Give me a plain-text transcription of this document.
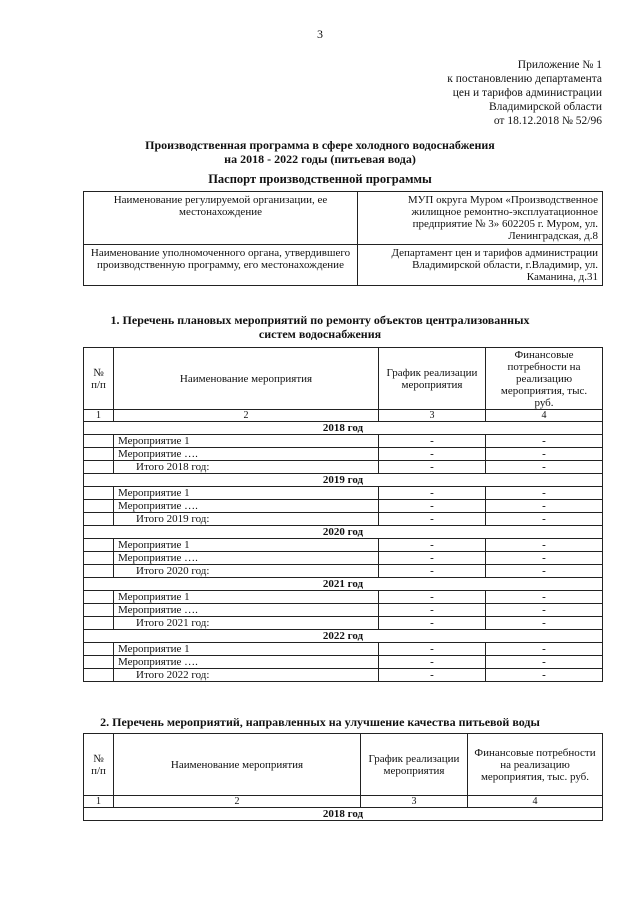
3
Приложение № 1
к постановлению департамента
цен и тарифов администрации
Владимирской области
от 18.12.2018 № 52/96
Производственная программа в сфере холодного водоснабжения
на 2018 - 2022 годы (питьевая вода)
Паспорт производственной программы
Наименование регулируемой организации, ее местонахождение	МУП округа Муром «Производственное жилищное ремонтно-эксплуатационное предприятие № 3» 602205 г. Муром, ул. Ленинградская, д.8
Наименование уполномоченного органа, утвердившего производственную программу, его местонахождение	Департамент цен и тарифов администрации Владимирской области, г.Владимир, ул. Каманина, д.31
1. Перечень плановых мероприятий по ремонту объектов централизованных
систем водоснабжения
№ п/п	Наименование мероприятия	График реализации мероприятия	Финансовые потребности на реализацию мероприятия, тыс. руб.
1	2	3	4
2018 год			
	Мероприятие 1	-	-
	Мероприятие ….	-	-
	Итого 2018 год:	-	-
2019 год			
	Мероприятие 1	-	-
	Мероприятие ….	-	-
	Итого 2019 год:	-	-
2020 год			
	Мероприятие 1	-	-
	Мероприятие ….	-	-
	Итого 2020 год:	-	-
2021 год			
	Мероприятие 1	-	-
	Мероприятие ….	-	-
	Итого 2021 год:	-	-
2022 год			
	Мероприятие 1	-	-
	Мероприятие ….	-	-
	Итого 2022 год:	-	-
2. Перечень мероприятий, направленных на улучшение качества питьевой воды
№ п/п	Наименование мероприятия	График реализации мероприятия	Финансовые потребности на реализацию мероприятия, тыс. руб.
1	2	3	4
2018 год			
